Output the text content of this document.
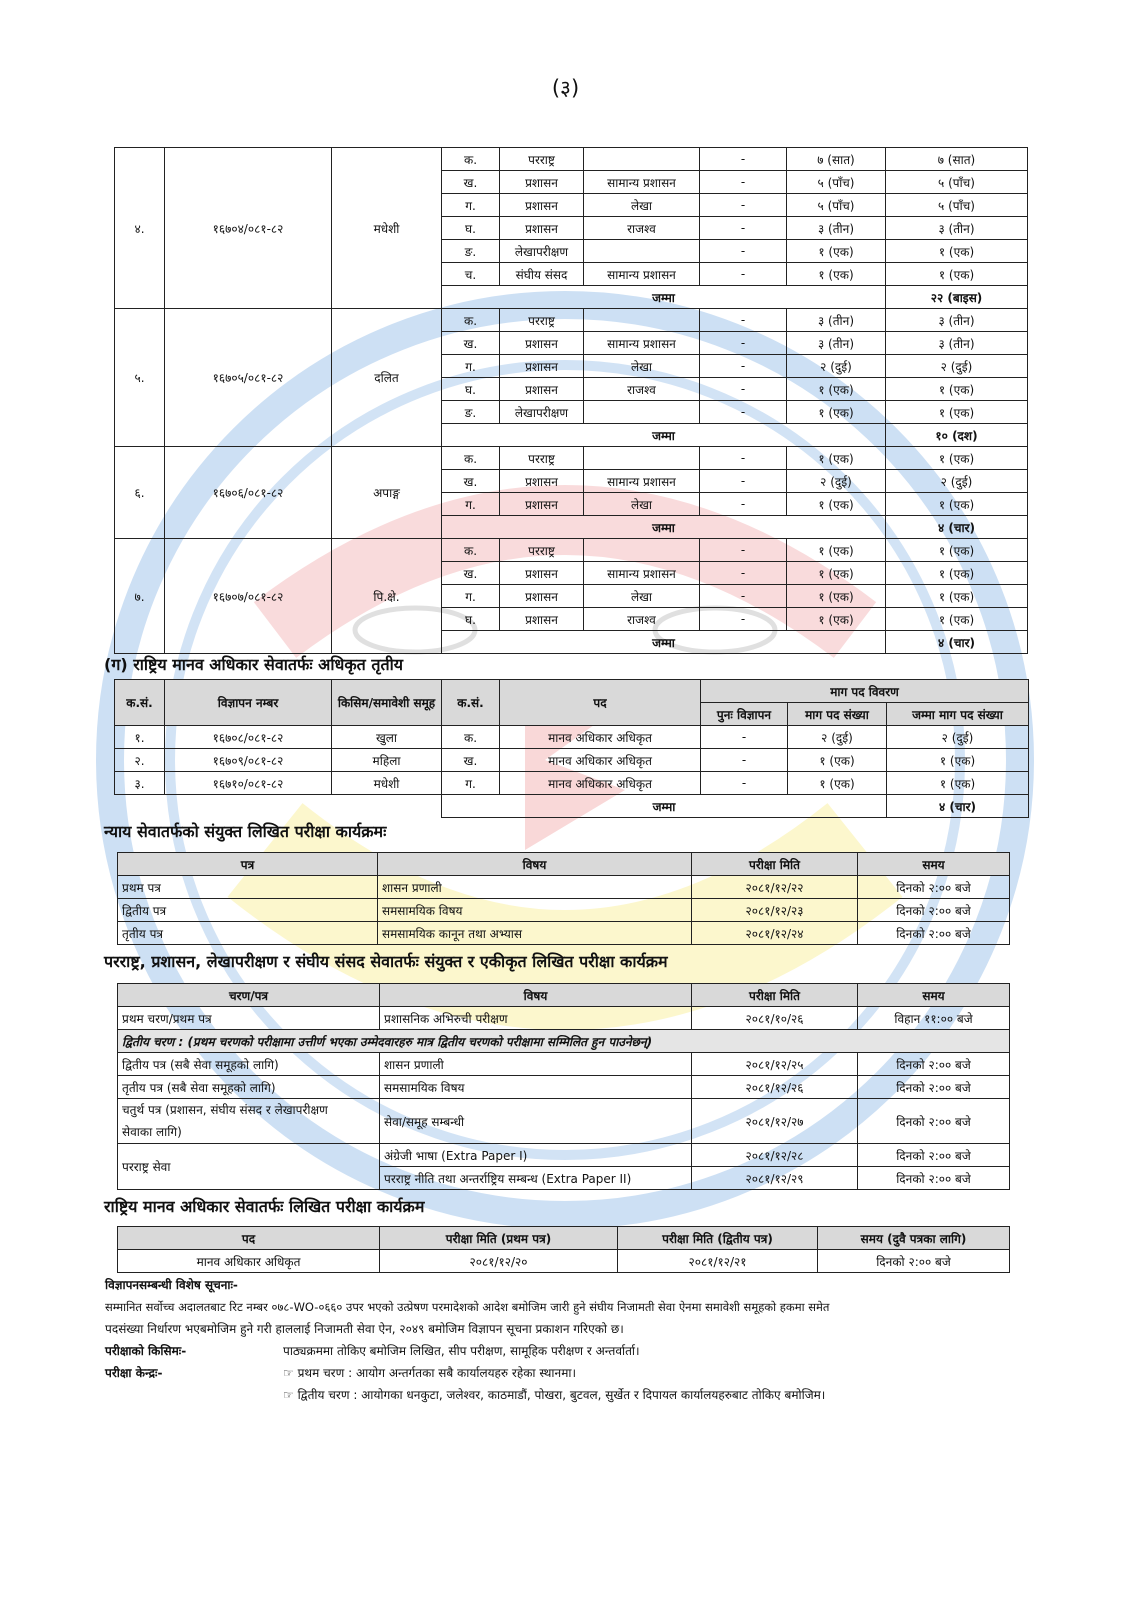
(३)
४.	१६७०४/०८१-८२	मधेशी	क.	परराष्ट्र		-	७ (सात)	७ (सात)
			ख.	प्रशासन	सामान्य प्रशासन	-	५ (पाँच)	५ (पाँच)
			ग.	प्रशासन	लेखा	-	५ (पाँच)	५ (पाँच)
			घ.	प्रशासन	राजश्व	-	३ (तीन)	३ (तीन)
			ङ.	लेखापरीक्षण		-	१ (एक)	१ (एक)
			च.	संघीय संसद	सामान्य प्रशासन	-	१ (एक)	१ (एक)
			जम्मा					२२ (बाइस)
५.	१६७०५/०८१-८२	दलित	क.	परराष्ट्र		-	३ (तीन)	३ (तीन)
			ख.	प्रशासन	सामान्य प्रशासन	-	३ (तीन)	३ (तीन)
			ग.	प्रशासन	लेखा	-	२ (दुई)	२ (दुई)
			घ.	प्रशासन	राजश्व	-	१ (एक)	१ (एक)
			ङ.	लेखापरीक्षण		-	१ (एक)	१ (एक)
			जम्मा					१० (दश)
६.	१६७०६/०८१-८२	अपाङ्ग	क.	परराष्ट्र		-	१ (एक)	१ (एक)
			ख.	प्रशासन	सामान्य प्रशासन	-	२ (दुई)	२ (दुई)
			ग.	प्रशासन	लेखा	-	१ (एक)	१ (एक)
			जम्मा					४ (चार)
७.	१६७०७/०८१-८२	पि.क्षे.	क.	परराष्ट्र		-	१ (एक)	१ (एक)
			ख.	प्रशासन	सामान्य प्रशासन	-	१ (एक)	१ (एक)
			ग.	प्रशासन	लेखा	-	१ (एक)	१ (एक)
			घ.	प्रशासन	राजश्व	-	१ (एक)	१ (एक)
			जम्मा					४ (चार)
(ग) राष्ट्रिय मानव अधिकार सेवातर्फः अधिकृत तृतीय
क.सं.	विज्ञापन नम्बर	किसिम/समावेशी समूह	क.सं.	पद	माग पद विवरण		
					पुनः विज्ञापन	माग पद संख्या	जम्मा माग पद संख्या
१.	१६७०८/०८१-८२	खुला	क.	मानव अधिकार अधिकृत	-	२ (दुई)	२ (दुई)
२.	१६७०९/०८१-८२	महिला	ख.	मानव अधिकार अधिकृत	-	१ (एक)	१ (एक)
३.	१६७१०/०८१-८२	मधेशी	ग.	मानव अधिकार अधिकृत	-	१ (एक)	१ (एक)
			जम्मा				४ (चार)
न्याय सेवातर्फको संयुक्त लिखित परीक्षा कार्यक्रमः
पत्र	विषय	परीक्षा मिति	समय
प्रथम पत्र	शासन प्रणाली	२०८१/१२/२२	दिनको २:०० बजे
द्वितीय पत्र	समसामयिक विषय	२०८१/१२/२३	दिनको २:०० बजे
तृतीय पत्र	समसामयिक कानून तथा अभ्यास	२०८१/१२/२४	दिनको २:०० बजे
परराष्ट्र, प्रशासन, लेखापरीक्षण र संघीय संसद सेवातर्फः संयुक्त र एकीकृत लिखित परीक्षा कार्यक्रम
चरण/पत्र	विषय	परीक्षा मिति	समय
प्रथम चरण/प्रथम पत्र	प्रशासनिक अभिरुची परीक्षण	२०८१/१०/२६	विहान ११:०० बजे
द्वितीय चरण : (प्रथम चरणको परीक्षामा उत्तीर्ण भएका उम्मेदवारहरु मात्र द्वितीय चरणको परीक्षामा सम्मिलित हुन पाउनेछन्)			
द्वितीय पत्र (सबै सेवा समूहको लागि)	शासन प्रणाली	२०८१/१२/२५	दिनको २:०० बजे
तृतीय पत्र (सबै सेवा समूहको लागि)	समसामयिक विषय	२०८१/१२/२६	दिनको २:०० बजे

चतुर्थ पत्र (प्रशासन, संघीय संसद र लेखापरीक्षण
सेवाका लागि)	सेवा/समूह सम्बन्धी	२०८१/१२/२७	दिनको २:०० बजे
परराष्ट्र सेवा	अंग्रेजी भाषा (Extra Paper I)	२०८१/१२/२८	दिनको २:०० बजे
	परराष्ट्र नीति तथा अन्तर्राष्ट्रिय सम्बन्ध (Extra Paper II)	२०८१/१२/२९	दिनको २:०० बजे
राष्ट्रिय मानव अधिकार सेवातर्फः लिखित परीक्षा कार्यक्रम
पद	परीक्षा मिति (प्रथम पत्र)	परीक्षा मिति (द्वितीय पत्र)	समय (दुवै पत्रका लागि)
मानव अधिकार अधिकृत	२०८१/१२/२०	२०८१/१२/२१	दिनको २:०० बजे
विज्ञापनसम्बन्धी विशेष सूचनाः-
सम्मानित सर्वोच्च अदालतबाट रिट नम्बर ०७८-WO-०६६० उपर भएको उत्प्रेषण परमादेशको आदेश बमोजिम जारी हुने संघीय निजामती सेवा ऐनमा समावेशी समूहको हकमा समेत
पदसंख्या निर्धारण भएबमोजिम हुने गरी हाललाई निजामती सेवा ऐन, २०४९ बमोजिम विज्ञापन सूचना प्रकाशन गरिएको छ।
परीक्षाको किसिमः-	पाठ्यक्रममा तोकिए बमोजिम लिखित, सीप परीक्षण, सामूहिक परीक्षण र अन्तर्वार्ता।
परीक्षा केन्द्रः-	☞ प्रथम चरण : आयोग अन्तर्गतका सबै कार्यालयहरु रहेका स्थानमा।
☞ द्वितीय चरण : आयोगका धनकुटा, जलेश्वर, काठमाडौं, पोखरा, बुटवल, सुर्खेत र दिपायल कार्यालयहरुबाट तोकिए बमोजिम।
